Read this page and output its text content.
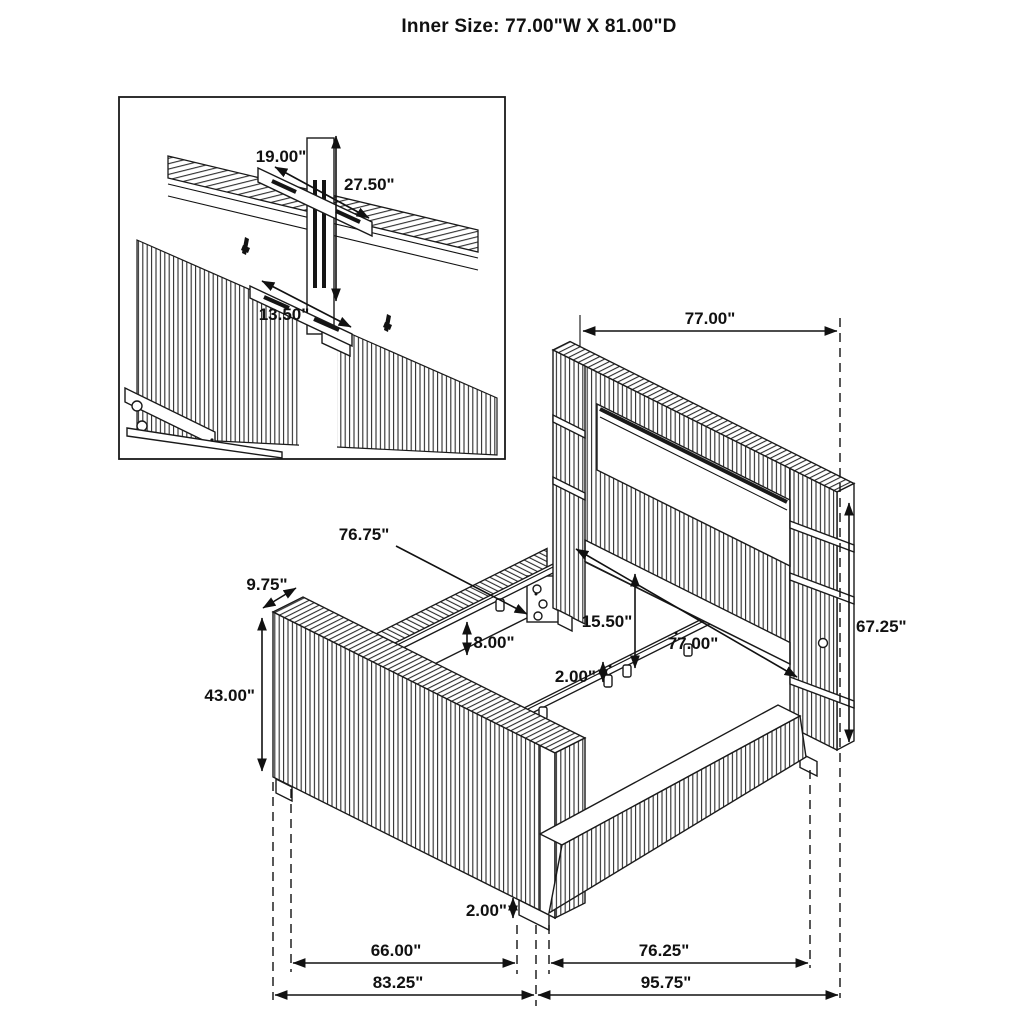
Inner Size: 77.00"W X 81.00"D
77.00"
67.25"
76.75"
9.75"
43.00"
8.00"
15.50"
77.00"
2.00"
2.00"
66.00"	76.25"
83.25"	95.75"
19.00"
27.50"
13.50"
